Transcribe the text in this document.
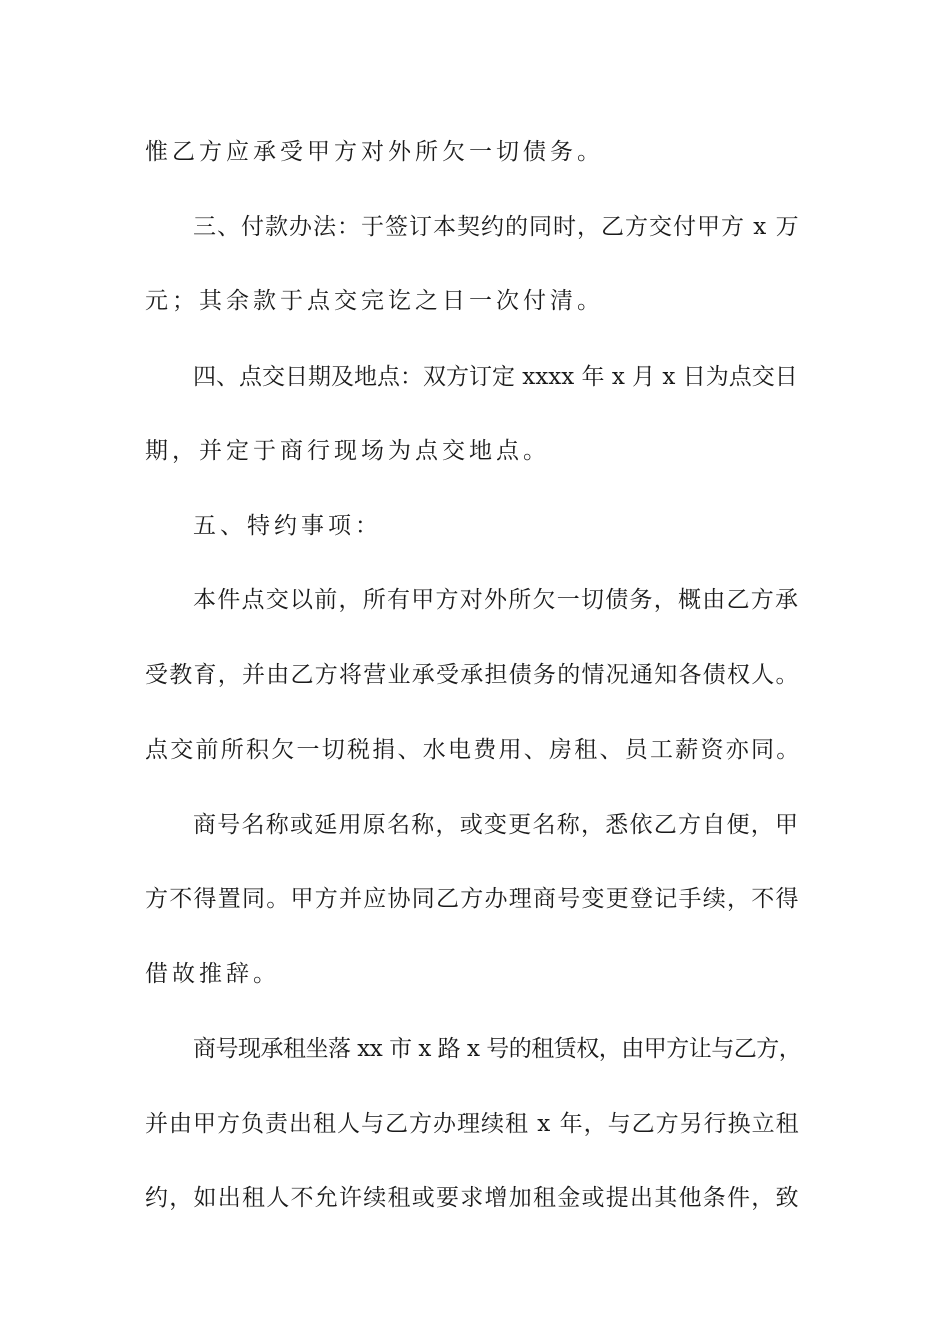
惟乙方应承受甲方对外所欠一切债务。
三、付款办法：于签订本契约的同时，乙方交付甲方 x 万
元；其余款于点交完讫之日一次付清。
四、点交日期及地点：双方订定 xxxx 年 x 月 x 日为点交日
期，并定于商行现场为点交地点。
五、特约事项：
本件点交以前，所有甲方对外所欠一切债务，概由乙方承
受教育，并由乙方将营业承受承担债务的情况通知各债权人。
点交前所积欠一切税捐、水电费用、房租、员工薪资亦同。
商号名称或延用原名称，或变更名称，悉依乙方自便，甲
方不得置同。甲方并应协同乙方办理商号变更登记手续，不得
借故推辞。
商号现承租坐落 xx 市 x 路 x 号的租赁权，由甲方让与乙方，
并由甲方负责出租人与乙方办理续租 x 年，与乙方另行换立租
约，如出租人不允许续租或要求增加租金或提出其他条件，致
